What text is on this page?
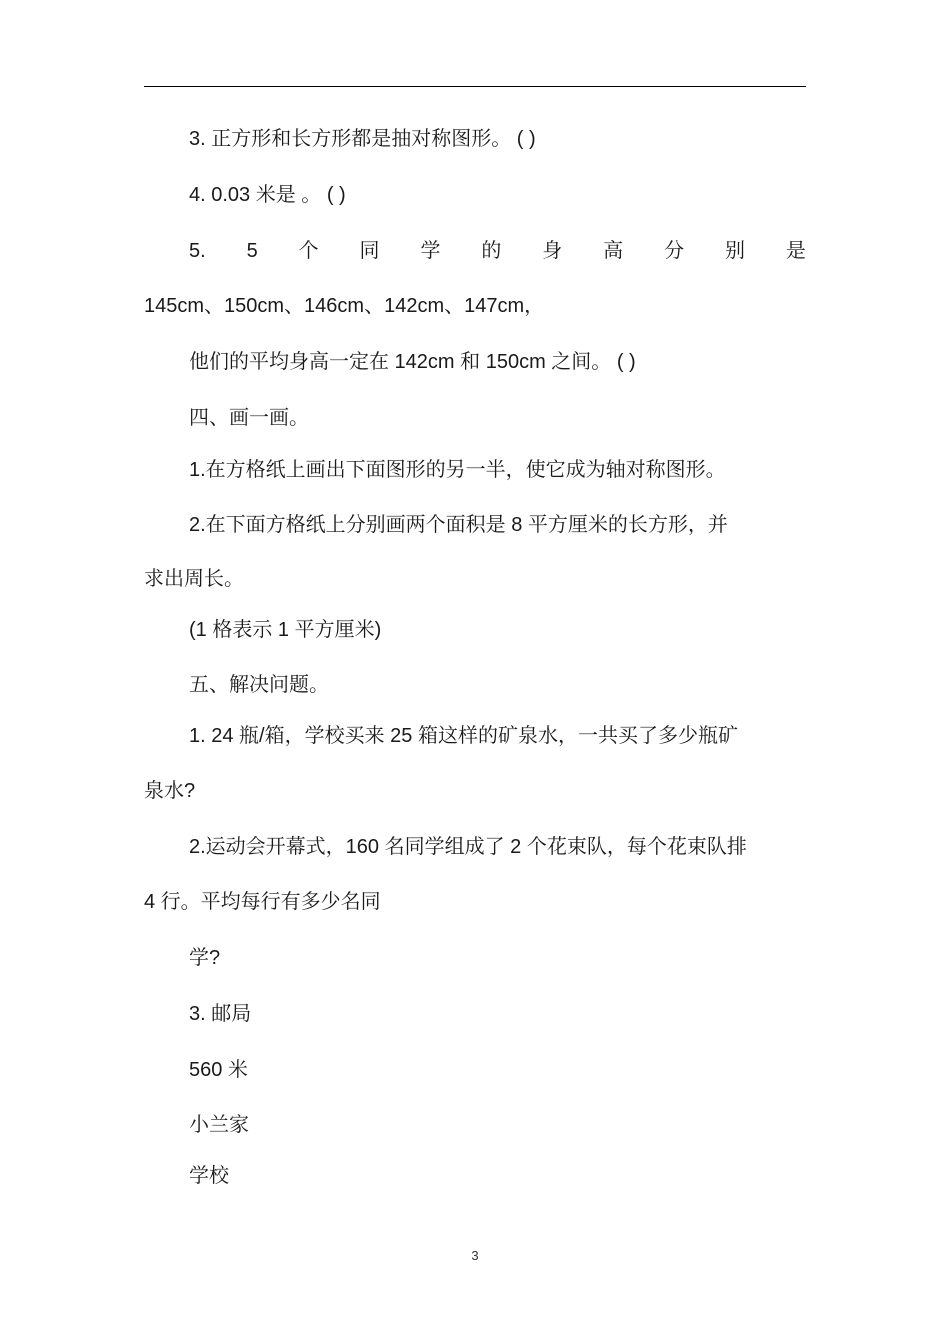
3. 正方形和长方形都是抽对称图形。 ( )
4. 0.03 米是 。 ( )
5. 5 个 同 学 的 身 高 分 别 是
145cm、150cm、146cm、142cm、147cm，
他们的平均身高一定在 142cm 和 150cm 之间。 ( )
四、画一画。
1.在方格纸上画出下面图形的另一半，使它成为轴对称图形。
2.在下面方格纸上分别画两个面积是 8 平方厘米的长方形，并
求出周长。
(1 格表示 1 平方厘米)
五、解决问题。
1. 24 瓶/箱，学校买来 25 箱这样的矿泉水，一共买了多少瓶矿
泉水?
2.运动会开幕式，160 名同学组成了 2 个花束队，每个花束队排
4 行。平均每行有多少名同
学?
3. 邮局
560 米
小兰家
学校
3
